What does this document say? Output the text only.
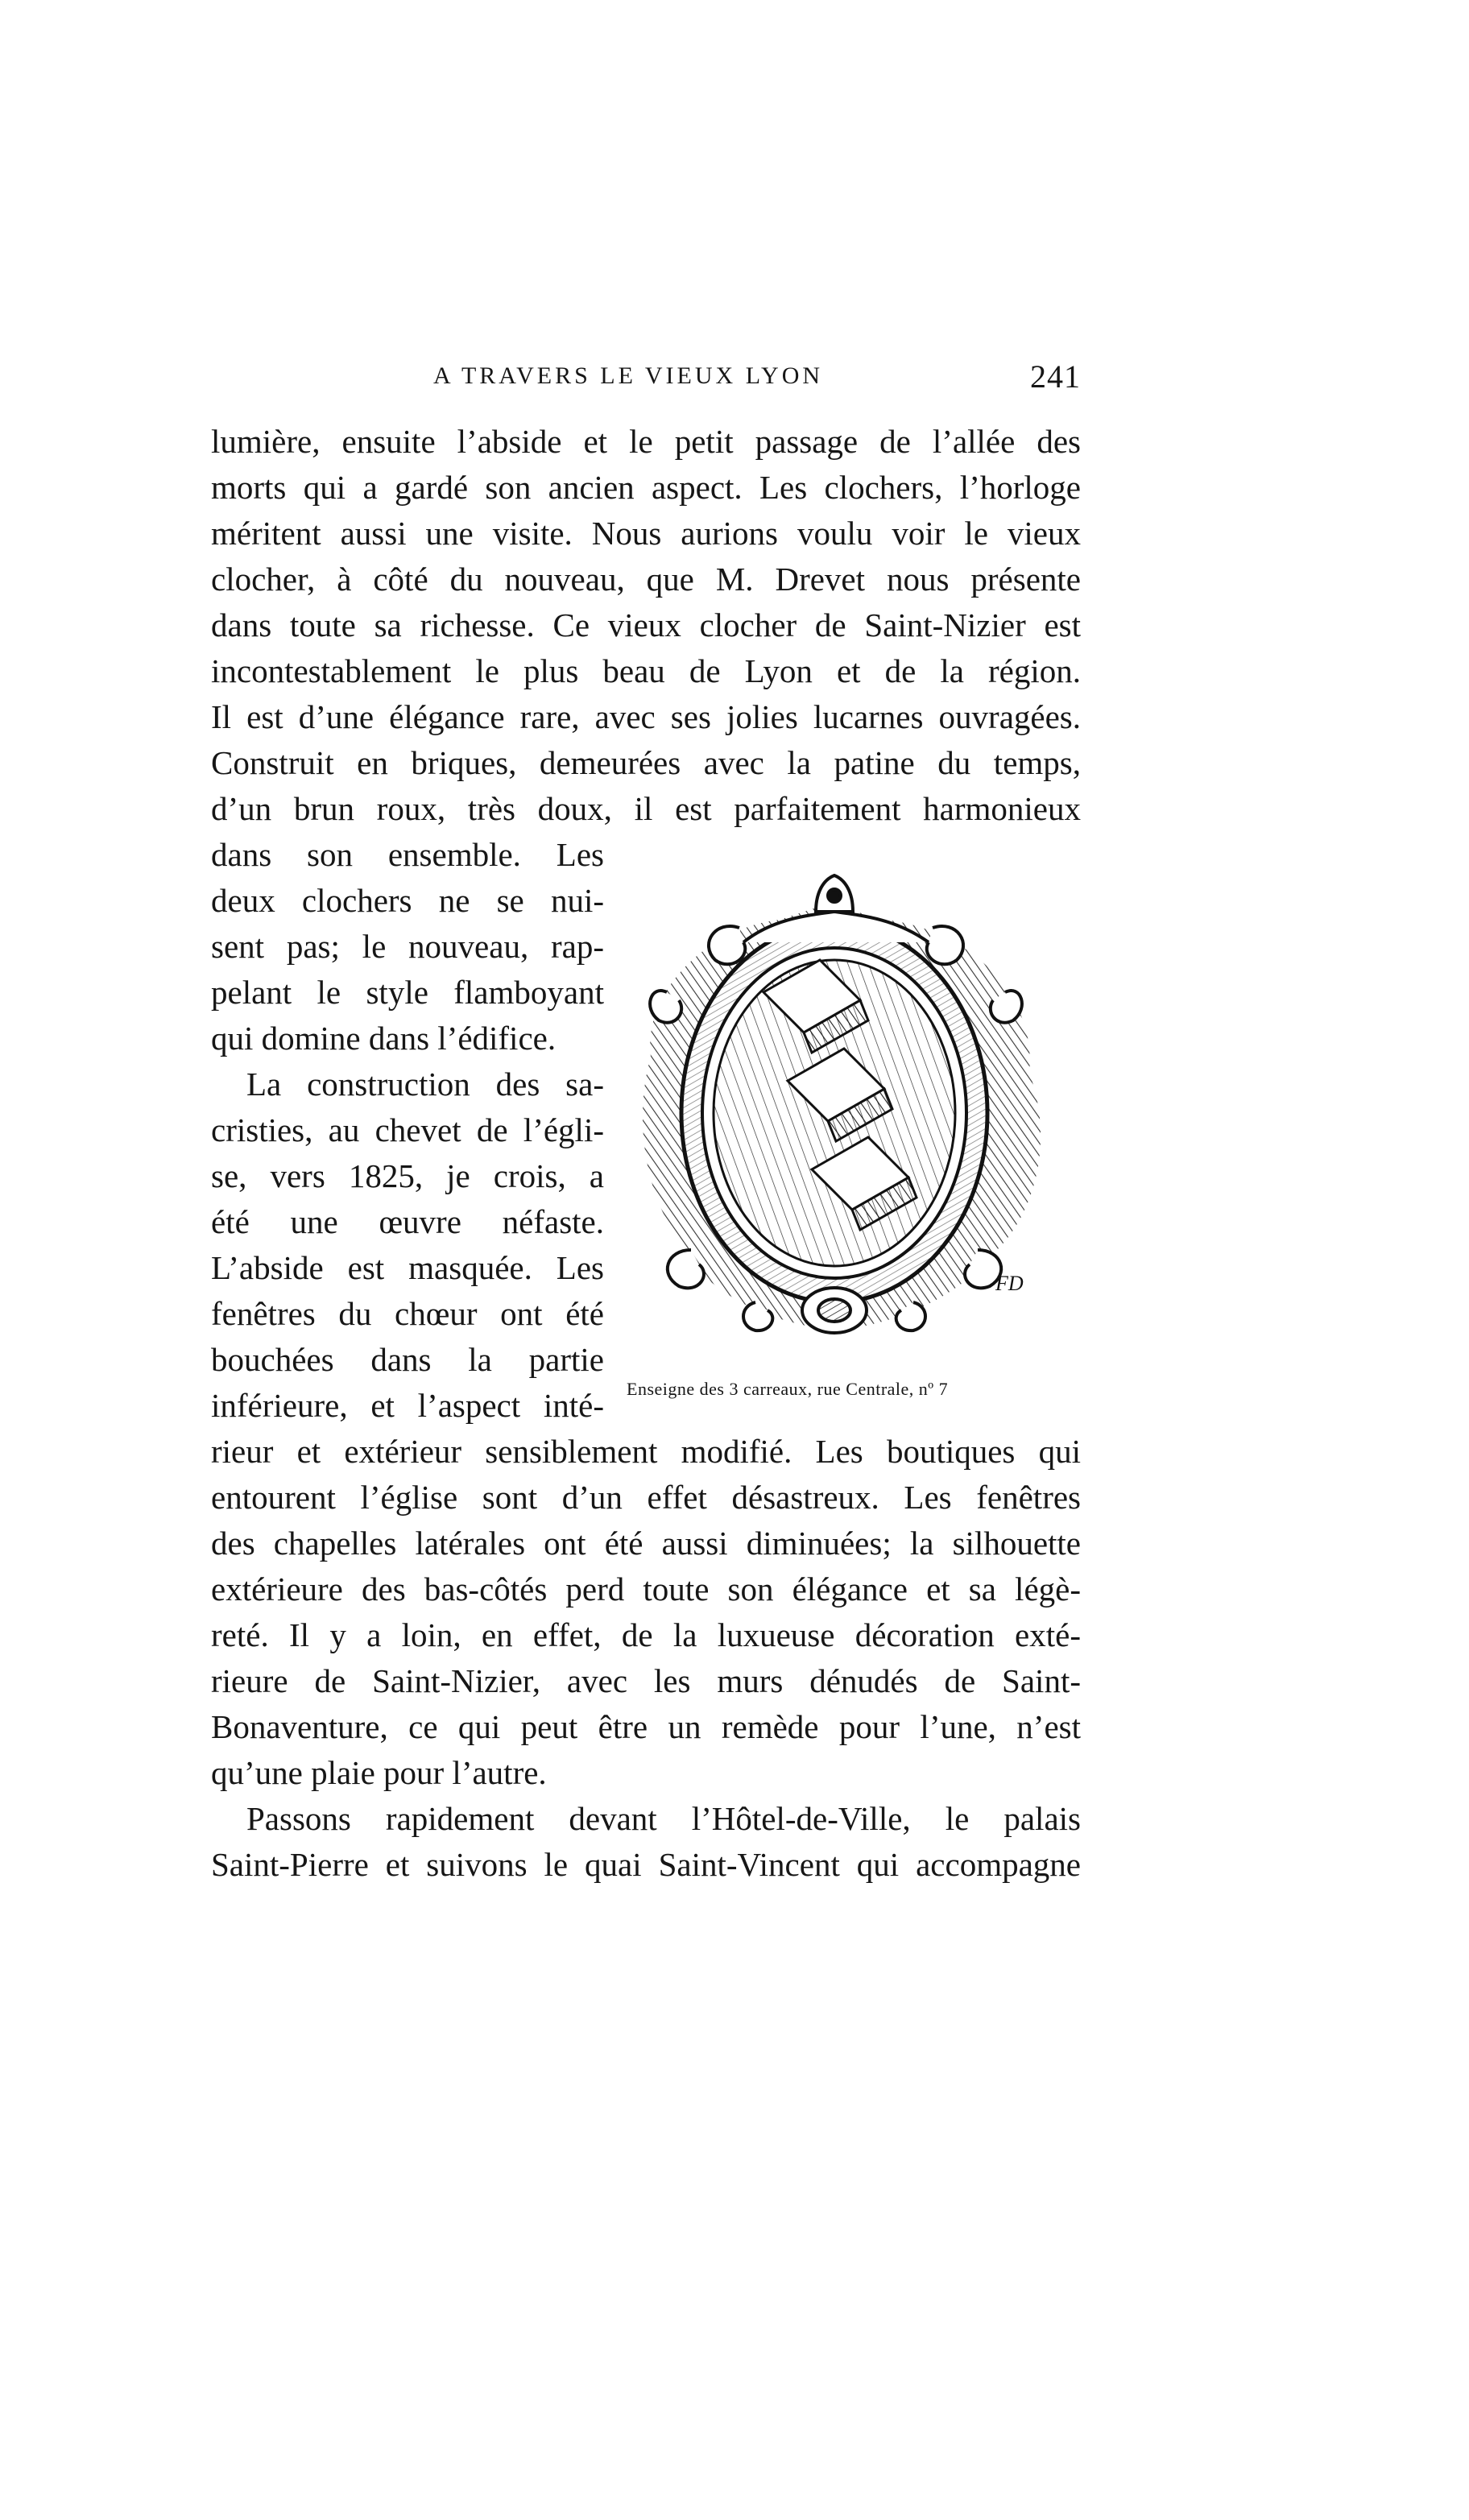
A TRAVERS LE VIEUX LYON	241
lumière, ensuite l’abside et le petit passage de l’allée des
morts qui a gardé son ancien aspect. Les clochers, l’horloge
méritent aussi une visite. Nous aurions voulu voir le vieux
clocher, à côté du nouveau, que M. Drevet nous présente
dans toute sa richesse. Ce vieux clocher de Saint-Nizier est
incontestablement le plus beau de Lyon et de la région.
Il est d’une élégance rare, avec ses jolies lucarnes ouvragées.
Construit en briques, demeurées avec la patine du temps,
d’un brun roux, très doux, il est parfaitement harmonieux
dans son ensemble. Les
deux clochers ne se nui-
sent pas; le nouveau, rap-
pelant le style flamboyant
qui domine dans l’édifice.
La construction des sa-
cristies, au chevet de l’égli-
se, vers 1825, je crois, a
été une œuvre néfaste.
L’abside est masquée. Les
fenêtres du chœur ont été
bouchées dans la partie
inférieure, et l’aspect inté-
rieur et extérieur sensiblement modifié. Les boutiques qui
entourent l’église sont d’un effet désastreux. Les fenêtres
des chapelles latérales ont été aussi diminuées; la silhouette
extérieure des bas-côtés perd toute son élégance et sa légè-
reté. Il y a loin, en effet, de la luxueuse décoration exté-
rieure de Saint-Nizier, avec les murs dénudés de Saint-
Bonaventure, ce qui peut être un remède pour l’une, n’est
qu’une plaie pour l’autre.
Passons rapidement devant l’Hôtel-de-Ville, le palais
Saint-Pierre et suivons le quai Saint-Vincent qui accompagne
FD
Enseigne des 3 carreaux, rue Centrale, nº 7
